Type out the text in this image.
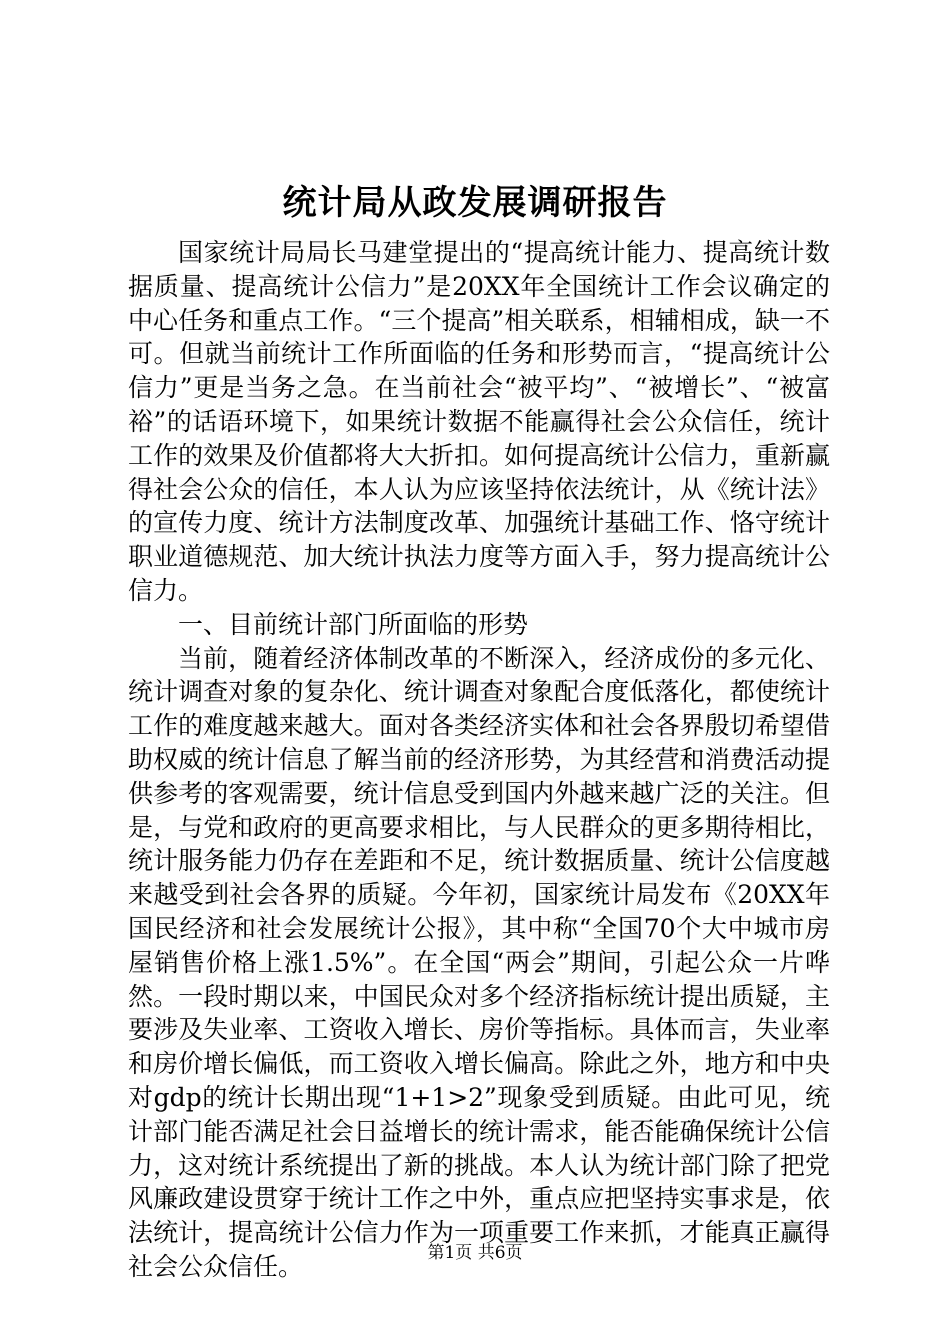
统计局从政发展调研报告

国家统计局局长马建堂提出的“提高统计能力、提高统计数据质量、提高统计公信力”是20XX年全国统计工作会议确定的中心任务和重点工作。“三个提高”相关联系，相辅相成，缺一不可。但就当前统计工作所面临的任务和形势而言，“提高统计公信力”更是当务之急。在当前社会“被平均”、“被增长”、“被富裕”的话语环境下，如果统计数据不能赢得社会公众信任，统计工作的效果及价值都将大大折扣。如何提高统计公信力，重新赢得社会公众的信任，本人认为应该坚持依法统计，从《统计法》的宣传力度、统计方法制度改革、加强统计基础工作、恪守统计职业道德规范、加大统计执法力度等方面入手，努力提高统计公信力。

一、目前统计部门所面临的形势

当前，随着经济体制改革的不断深入，经济成份的多元化、统计调查对象的复杂化、统计调查对象配合度低落化，都使统计工作的难度越来越大。面对各类经济实体和社会各界殷切希望借助权威的统计信息了解当前的经济形势，为其经营和消费活动提供参考的客观需要，统计信息受到国内外越来越广泛的关注。但是，与党和政府的更高要求相比，与人民群众的更多期待相比，统计服务能力仍存在差距和不足，统计数据质量、统计公信度越来越受到社会各界的质疑。今年初，国家统计局发布《20XX年国民经济和社会发展统计公报》，其中称“全国70个大中城市房屋销售价格上涨1.5%”。在全国“两会”期间，引起公众一片哗然。一段时期以来，中国民众对多个经济指标统计提出质疑，主要涉及失业率、工资收入增长、房价等指标。具体而言，失业率和房价增长偏低，而工资收入增长偏高。除此之外，地方和中央对gdp的统计长期出现“1+1>2”现象受到质疑。由此可见，统计部门能否满足社会日益增长的统计需求，能否能确保统计公信力，这对统计系统提出了新的挑战。本人认为统计部门除了把党风廉政建设贯穿于统计工作之中外，重点应把坚持实事求是，依法统计，提高统计公信力作为一项重要工作来抓，才能真正赢得社会公众信任。	第1页 共6页
